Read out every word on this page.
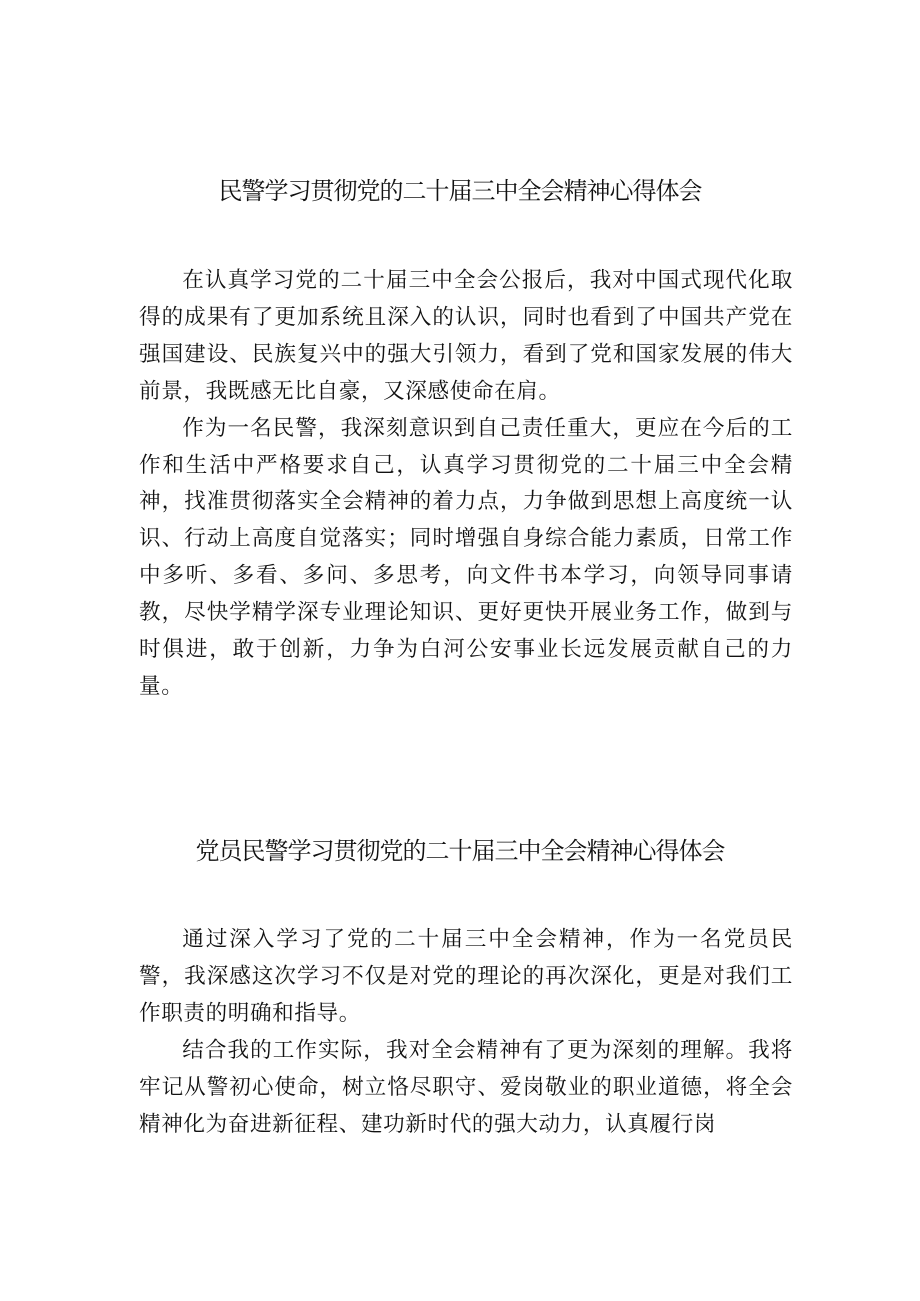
民警学习贯彻党的二十届三中全会精神心得体会

在认真学习党的二十届三中全会公报后，我对中国式现代化取得的成果有了更加系统且深入的认识，同时也看到了中国共产党在强国建设、民族复兴中的强大引领力，看到了党和国家发展的伟大前景，我既感无比自豪，又深感使命在肩。

作为一名民警，我深刻意识到自己责任重大，更应在今后的工作和生活中严格要求自己，认真学习贯彻党的二十届三中全会精神，找准贯彻落实全会精神的着力点，力争做到思想上高度统一认识、行动上高度自觉落实；同时增强自身综合能力素质，日常工作中多听、多看、多问、多思考，向文件书本学习，向领导同事请教，尽快学精学深专业理论知识、更好更快开展业务工作，做到与时俱进，敢于创新，力争为白河公安事业长远发展贡献自己的力量。

党员民警学习贯彻党的二十届三中全会精神心得体会

通过深入学习了党的二十届三中全会精神，作为一名党员民警，我深感这次学习不仅是对党的理论的再次深化，更是对我们工作职责的明确和指导。

结合我的工作实际，我对全会精神有了更为深刻的理解。我将牢记从警初心使命，树立恪尽职守、爱岗敬业的职业道德，将全会精神化为奋进新征程、建功新时代的强大动力，认真履行岗
